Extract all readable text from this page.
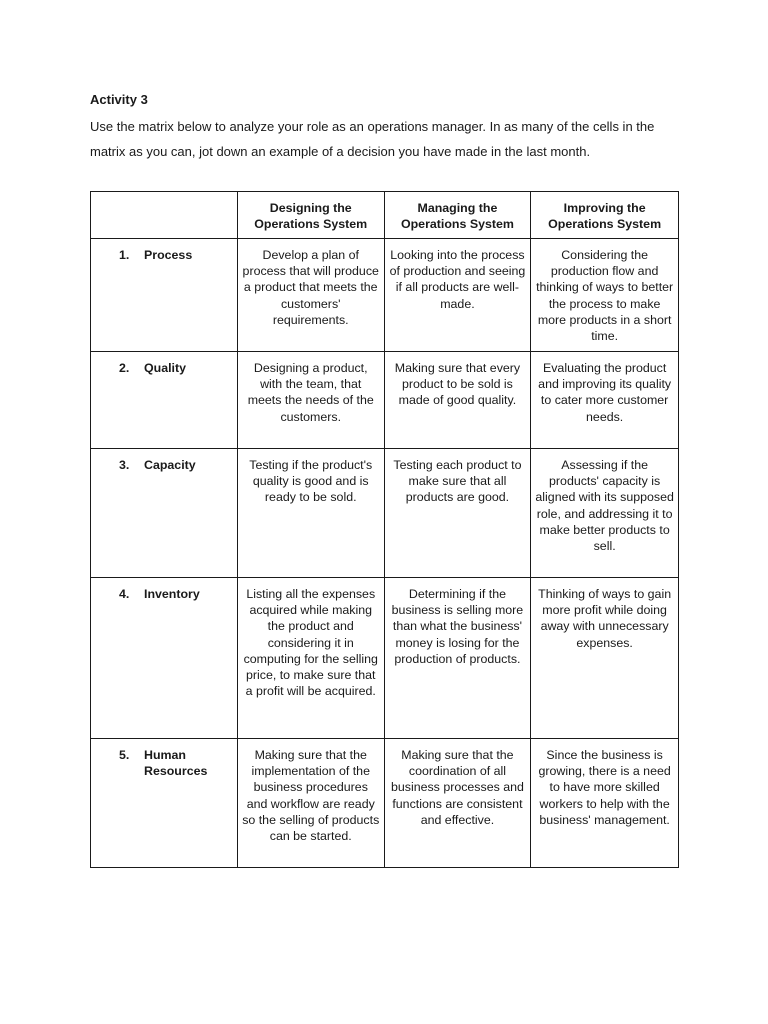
Activity 3
Use the matrix below to analyze your role as an operations manager. In as many of the cells in the matrix as you can, jot down an example of a decision you have made in the last month.
	Designing the Operations System	Managing the Operations System	Improving the Operations System

1. Process	Develop a plan of process that will produce a product that meets the customers' requirements.	Looking into the process of production and seeing if all products are well-made.	Considering the production flow and thinking of ways to better the process to make more products in a short time.

2. Quality	Designing a product, with the team, that meets the needs of the customers.	Making sure that every product to be sold is made of good quality.	Evaluating the product and improving its quality to cater more customer needs.

3. Capacity	Testing if the product's quality is good and is ready to be sold.	Testing each product to make sure that all products are good.	Assessing if the products' capacity is aligned with its supposed role, and addressing it to make better products to sell.

4. Inventory	Listing all the expenses acquired while making the product and considering it in computing for the selling price, to make sure that a profit will be acquired.	Determining if the business is selling more than what the business' money is losing for the production of products.	Thinking of ways to gain more profit while doing away with unnecessary expenses.

5. Human Resources	Making sure that the implementation of the business procedures and workflow are ready so the selling of products can be started.	Making sure that the coordination of all business processes and functions are consistent and effective.	Since the business is growing, there is a need to have more skilled workers to help with the business' management.
